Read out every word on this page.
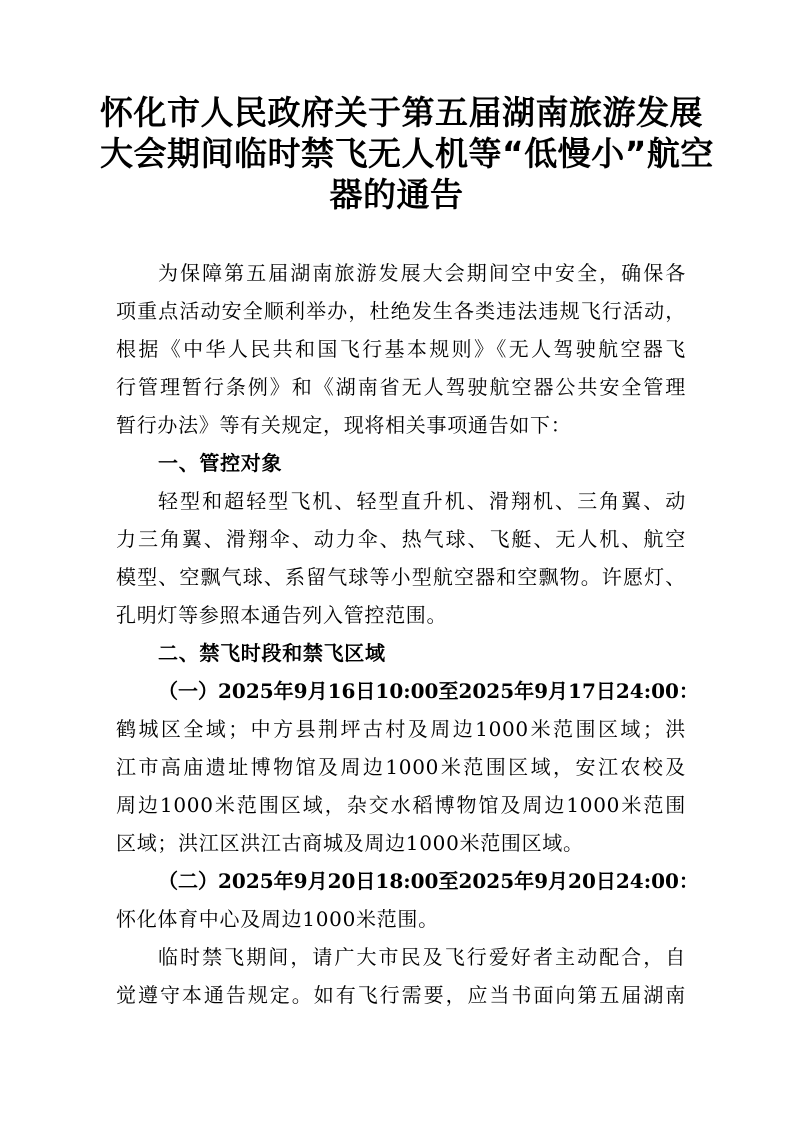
怀化市人民政府关于第五届湖南旅游发展
大会期间临时禁飞无人机等“低慢小”航空
器的通告
为保障第五届湖南旅游发展大会期间空中安全，确保各
项重点活动安全顺利举办，杜绝发生各类违法违规飞行活动，
根据《中华人民共和国飞行基本规则》《无人驾驶航空器飞
行管理暂行条例》和《湖南省无人驾驶航空器公共安全管理
暂行办法》等有关规定，现将相关事项通告如下：
一、管控对象
轻型和超轻型飞机、轻型直升机、滑翔机、三角翼、动
力三角翼、滑翔伞、动力伞、热气球、飞艇、无人机、航空
模型、空飘气球、系留气球等小型航空器和空飘物。许愿灯、
孔明灯等参照本通告列入管控范围。
二、禁飞时段和禁飞区域
（一）2025年9月16日10:00至2025年9月17日24:00：
鹤城区全域；中方县荆坪古村及周边1000米范围区域；洪
江市高庙遗址博物馆及周边1000米范围区域，安江农校及
周边1000米范围区域，杂交水稻博物馆及周边1000米范围
区域；洪江区洪江古商城及周边1000米范围区域。
（二）2025年9月20日18:00至2025年9月20日24:00：
怀化体育中心及周边1000米范围。
临时禁飞期间，请广大市民及飞行爱好者主动配合，自
觉遵守本通告规定。如有飞行需要，应当书面向第五届湖南
